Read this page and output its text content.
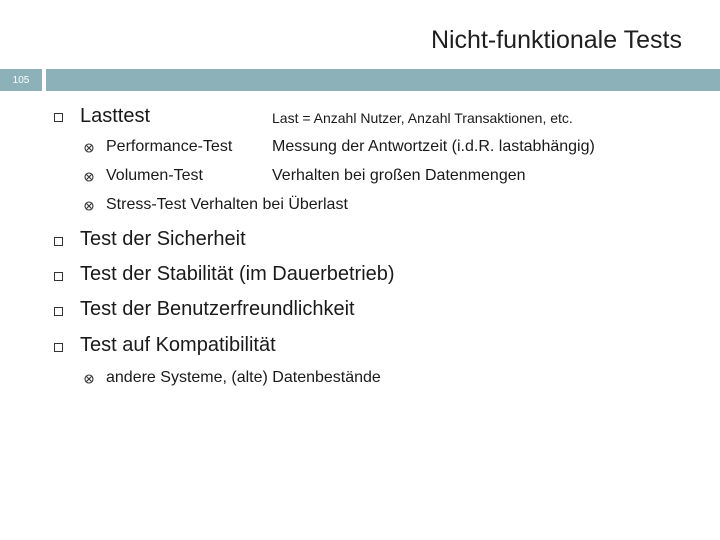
Nicht-funktionale Tests
105
Lasttest	Last = Anzahl Nutzer, Anzahl Transaktionen, etc.
Performance-Test Messung der Antwortzeit (i.d.R. lastabhängig)
Volumen-Test	Verhalten bei großen Datenmengen
Stress-Test Verhalten bei Überlast
Test der Sicherheit
Test der Stabilität (im Dauerbetrieb)
Test der Benutzerfreundlichkeit
Test auf Kompatibilität
andere Systeme, (alte) Datenbestände
